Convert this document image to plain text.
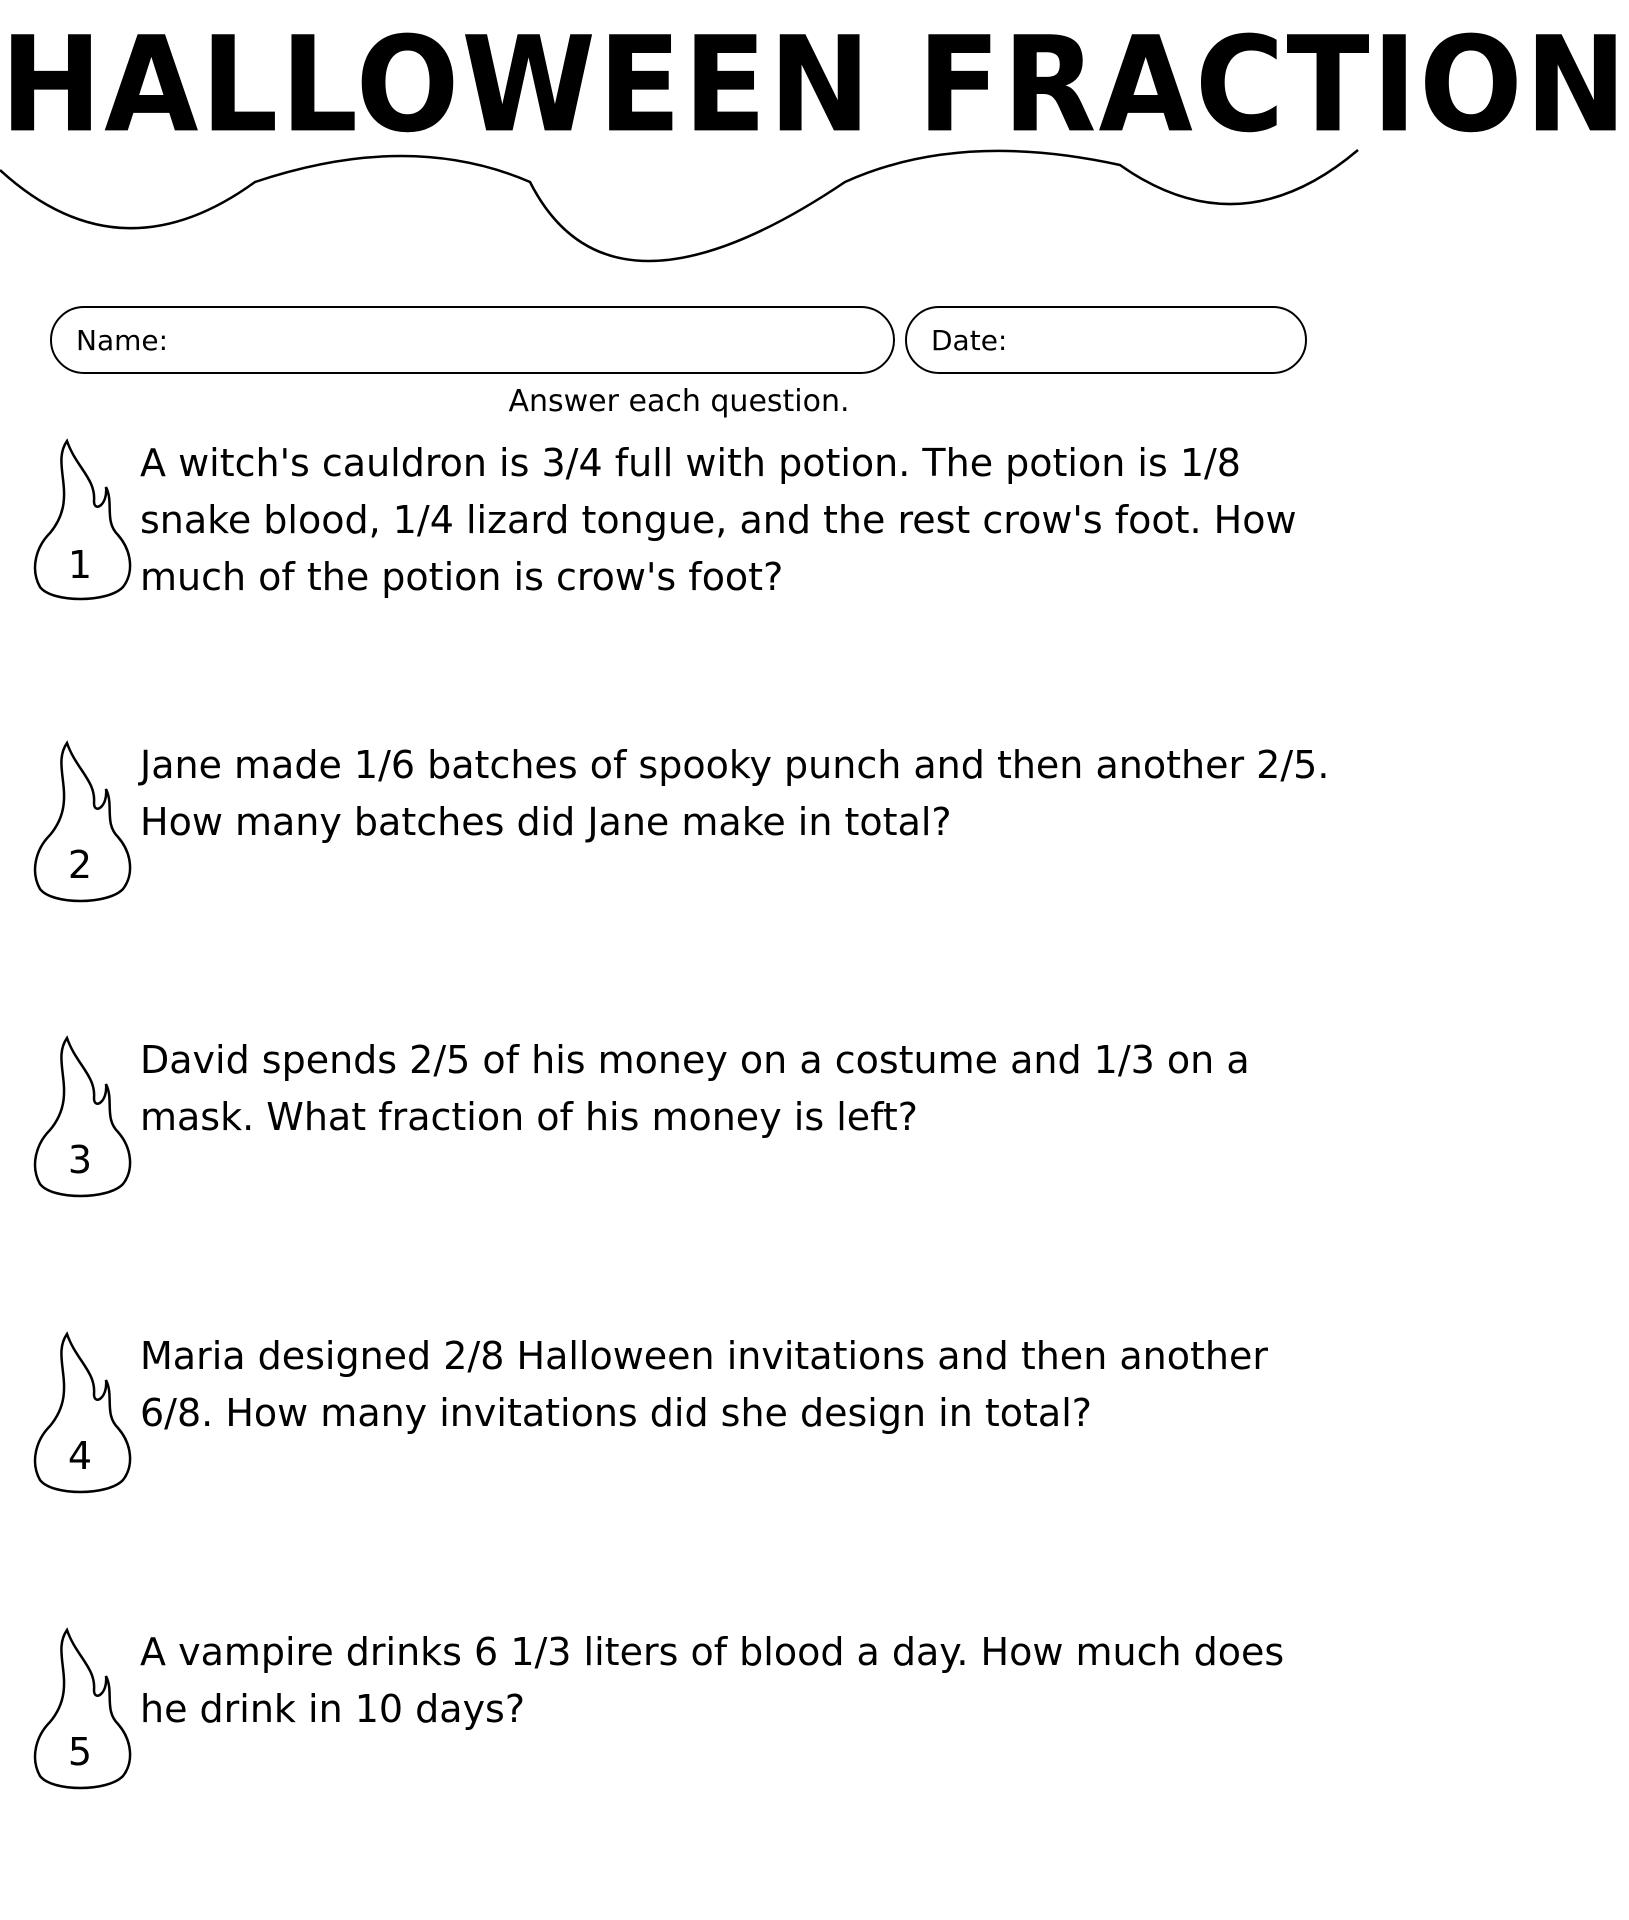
HALLOWEEN FRACTION
Name:	Date:
Answer each question.
1
A witch's cauldron is 3/4 full with potion. The potion is 1/8 snake blood, 1/4 lizard tongue, and the rest crow's foot. How much of the potion is crow's foot?
2
Jane made 1/6 batches of spooky punch and then another 2/5. How many batches did Jane make in total?
3
David spends 2/5 of his money on a costume and 1/3 on a mask. What fraction of his money is left?
4
Maria designed 2/8 Halloween invitations and then another 6/8. How many invitations did she design in total?
5
A vampire drinks 6 1/3 liters of blood a day. How much does he drink in 10 days?
